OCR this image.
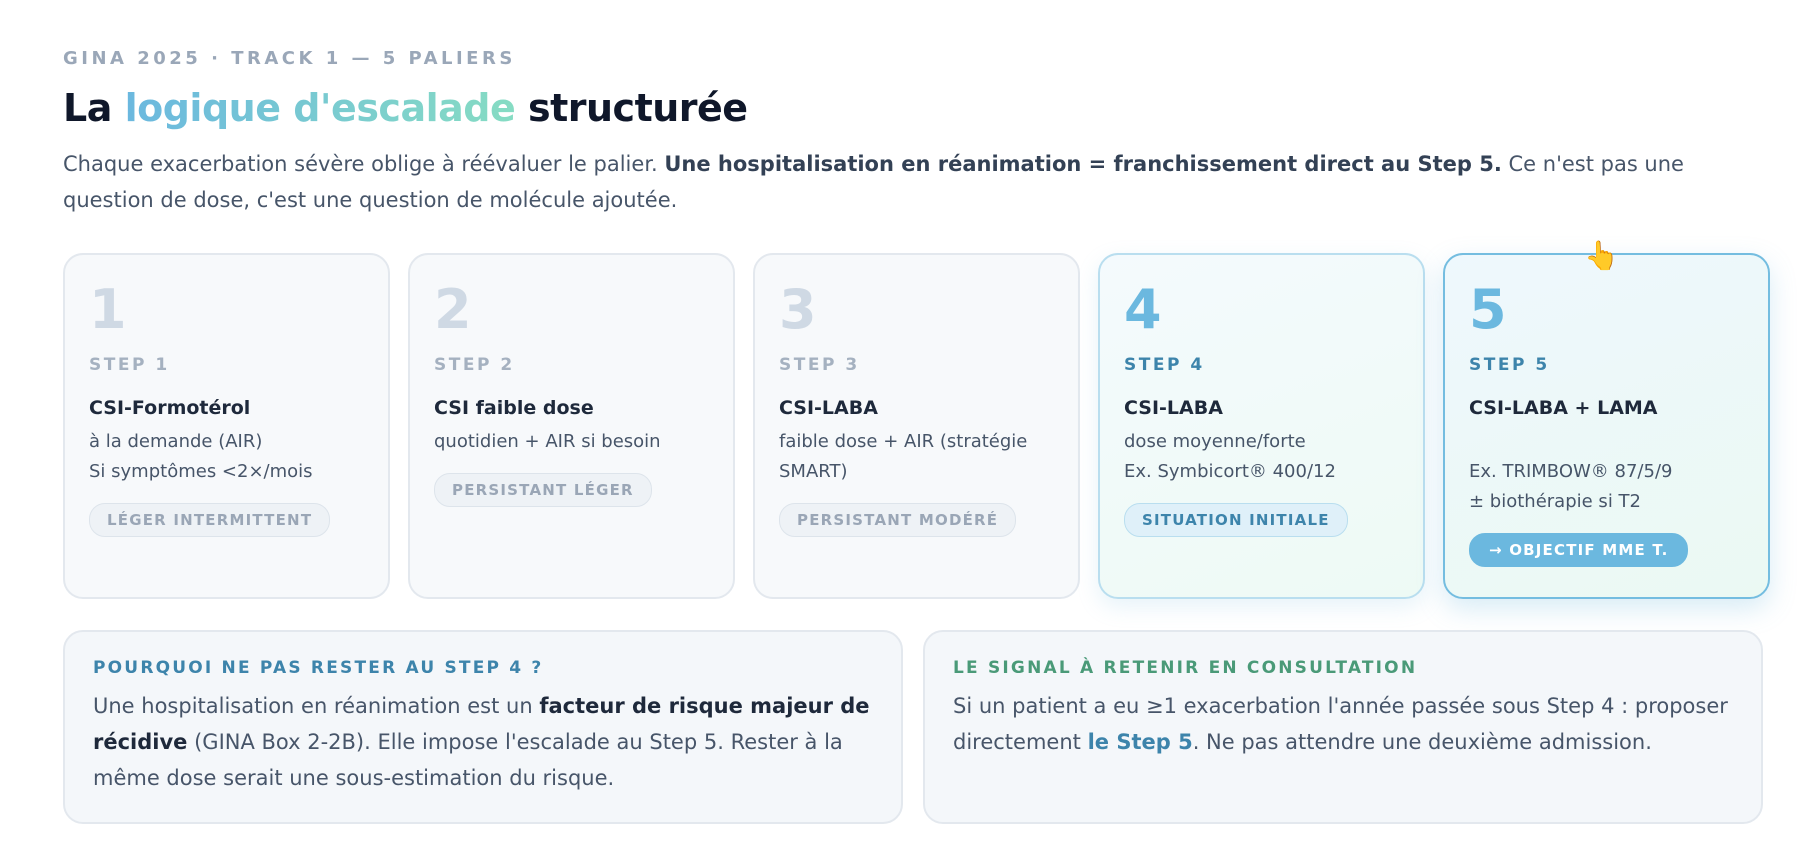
GINA 2025 · TRACK 1 — 5 PALIERS
La logique d'escalade structurée

Chaque exacerbation sévère oblige à réévaluer le palier. Une hospitalisation en réanimation = franchissement direct au Step 5. Ce n'est pas une question de dose, c'est une question de molécule ajoutée.

1
STEP 1
CSI-Formotérol
à la demande (AIR)
Si symptômes <2×/mois
LÉGER INTERMITTENT
2
STEP 2
CSI faible dose
quotidien + AIR si besoin
PERSISTANT LÉGER
3
STEP 3
CSI-LABA
faible dose + AIR (stratégie
SMART)
PERSISTANT MODÉRÉ
4
STEP 4
CSI-LABA
dose moyenne/forte
Ex. Symbicort® 400/12
SITUATION INITIALE
5
STEP 5
CSI-LABA + LAMA
Ex. TRIMBOW® 87/5/9
± biothérapie si T2
→ OBJECTIF MME T.
POURQUOI NE PAS RESTER AU STEP 4 ?

Une hospitalisation en réanimation est un facteur de risque majeur de récidive (GINA Box 2-2B). Elle impose l'escalade au Step 5. Rester à la même dose serait une sous-estimation du risque.

LE SIGNAL À RETENIR EN CONSULTATION

Si un patient a eu ≥1 exacerbation l'année passée sous Step 4 : proposer directement le Step 5. Ne pas attendre une deuxième admission.

👆
